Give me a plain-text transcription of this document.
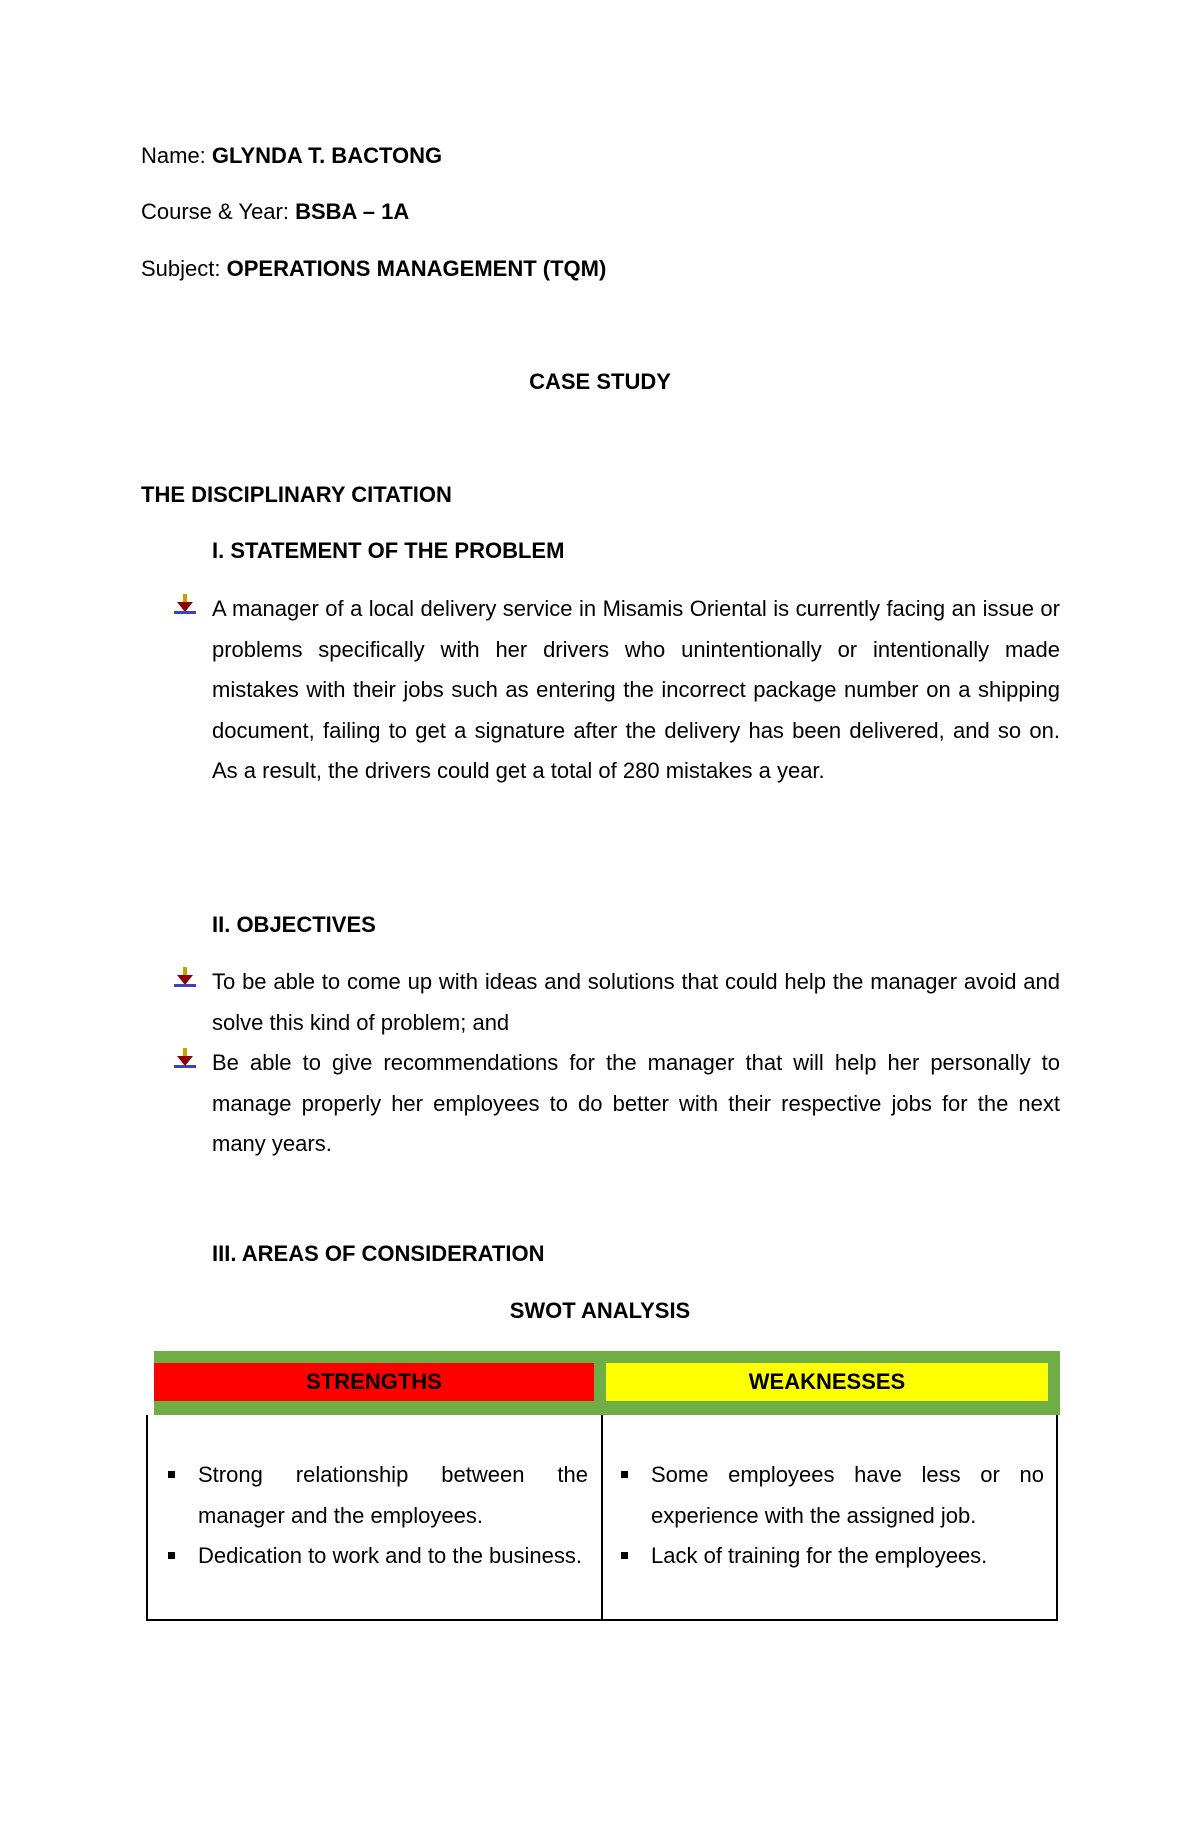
Name: GLYNDA T. BACTONG
Course & Year: BSBA – 1A
Subject: OPERATIONS MANAGEMENT (TQM)
CASE STUDY
THE DISCIPLINARY CITATION
I. STATEMENT OF THE PROBLEM
A manager of a local delivery service in Misamis Oriental is currently facing an issue or problems specifically with her drivers who unintentionally or intentionally made mistakes with their jobs such as entering the incorrect package number on a shipping document, failing to get a signature after the delivery has been delivered, and so on. As a result, the drivers could get a total of 280 mistakes a year.
II. OBJECTIVES
To be able to come up with ideas and solutions that could help the manager avoid and solve this kind of problem; and
Be able to give recommendations for the manager that will help her personally to manage properly her employees to do better with their respective jobs for the next many years.
III. AREAS OF CONSIDERATION
SWOT ANALYSIS
STRENGTHS	WEAKNESSES
Strong relationship between the manager and the employees.
Dedication to work and to the business.
Some employees have less or no experience with the assigned job.
Lack of training for the employees.
